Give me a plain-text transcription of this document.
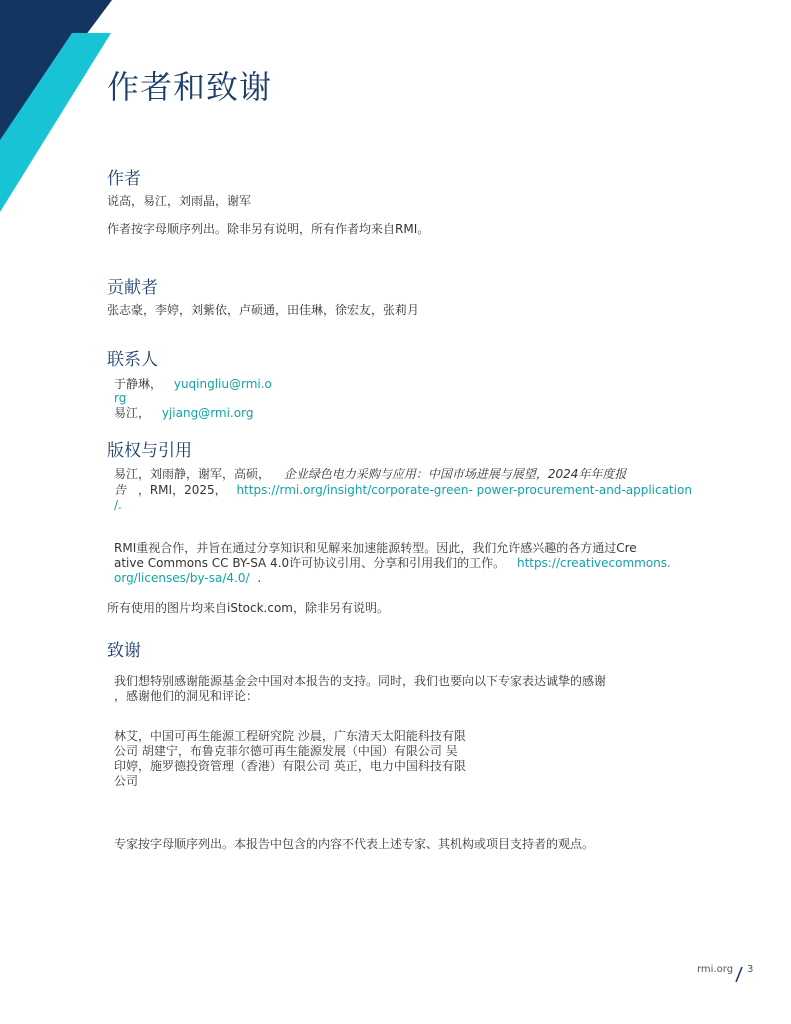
作者和致谢
作者

说高，易江，刘雨晶，谢军

作者按字母顺序列出。除非另有说明，所有作者均来自RMI。

贡献者

张志豪，李婷，刘紫依，卢硕通，田佳琳，徐宏友，张莉月

联系人

于静琳， yuqingliu@rmi.o

rg

易江， yjiang@rmi.org

版权与引用

易江，刘雨静，谢军，高硕， 企业绿色电力采购与应用：中国市场进展与展望，2024年年度报

告 ，RMI，2025， https://rmi.org/insight/corporate-green- power-procurement-and-application

/.

RMI重视合作，并旨在通过分享知识和见解来加速能源转型。因此，我们允许感兴趣的各方通过Cre

ative Commons CC BY-SA 4.0许可协议引用、分享和引用我们的工作。 https://creativecommons.

org/licenses/by-sa/4.0/ .

所有使用的图片均来自iStock.com，除非另有说明。

致谢

我们想特别感谢能源基金会中国对本报告的支持。同时，我们也要向以下专家表达诚挚的感谢

，感谢他们的洞见和评论：

林艾，中国可再生能源工程研究院 沙晨，广东清天太阳能科技有限

公司 胡建宁，布鲁克菲尔德可再生能源发展（中国）有限公司 吴

印婷，施罗德投资管理（香港）有限公司 英正，电力中国科技有限

公司

专家按字母顺序列出。本报告中包含的内容不代表上述专家、其机构或项目支持者的观点。

rmi.org 3
